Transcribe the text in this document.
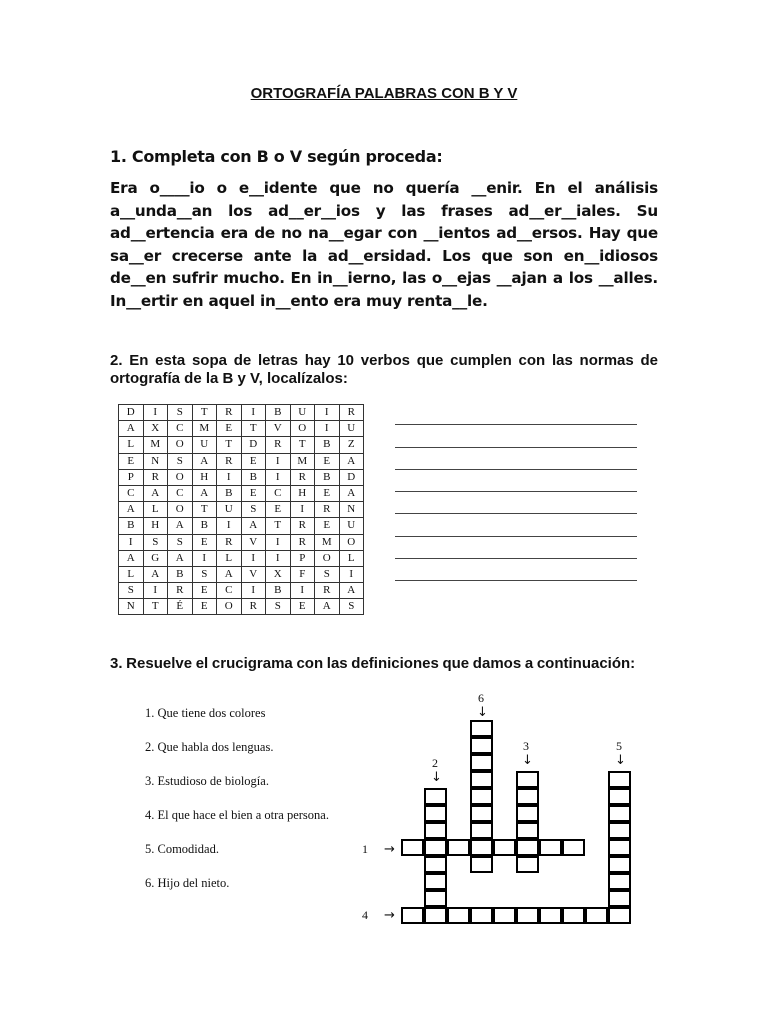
ORTOGRAFÍA PALABRAS CON B Y V
1. Completa con B o V según proceda:
Era o____io o e__idente que no quería __enir. En el análisis a__unda__an los ad__er__ios y las frases ad__er__iales. Su ad__ertencia era de no na__egar con __ientos ad__ersos. Hay que sa__er crecerse ante la ad__ersidad. Los que son en__idiosos de__en sufrir mucho. En in__ierno, las o__ejas __ajan a los __alles. In__ertir en aquel in__ento era muy renta__le.
2. En esta sopa de letras hay 10 verbos que cumplen con las normas de ortografía de la B y V, localízalos:
D	I	S	T	R	I	B	U	I	R
A	X	C	M	E	T	V	O	I	U
L	M	O	U	T	D	R	T	B	Z
E	N	S	A	R	E	I	M	E	A
P	R	O	H	I	B	I	R	B	D
C	A	C	A	B	E	C	H	E	A
A	L	O	T	U	S	E	I	R	N
B	H	A	B	I	A	T	R	E	U
I	S	S	E	R	V	I	R	M	O
A	G	A	I	L	I	I	P	O	L
L	A	B	S	A	V	X	F	S	I
S	I	R	E	C	I	B	I	R	A
N	T	É	E	O	R	S	E	A	S
3. Resuelve el crucigrama con las definiciones que damos a continuación:
1. Que tiene dos colores
2. Que habla dos lenguas.
3. Estudioso de biología.
4. El que hace el bien a otra persona.
5. Comodidad.
6. Hijo del nieto.
6
↓
2
↓
3
↓
5
↓
1 →
4 →
